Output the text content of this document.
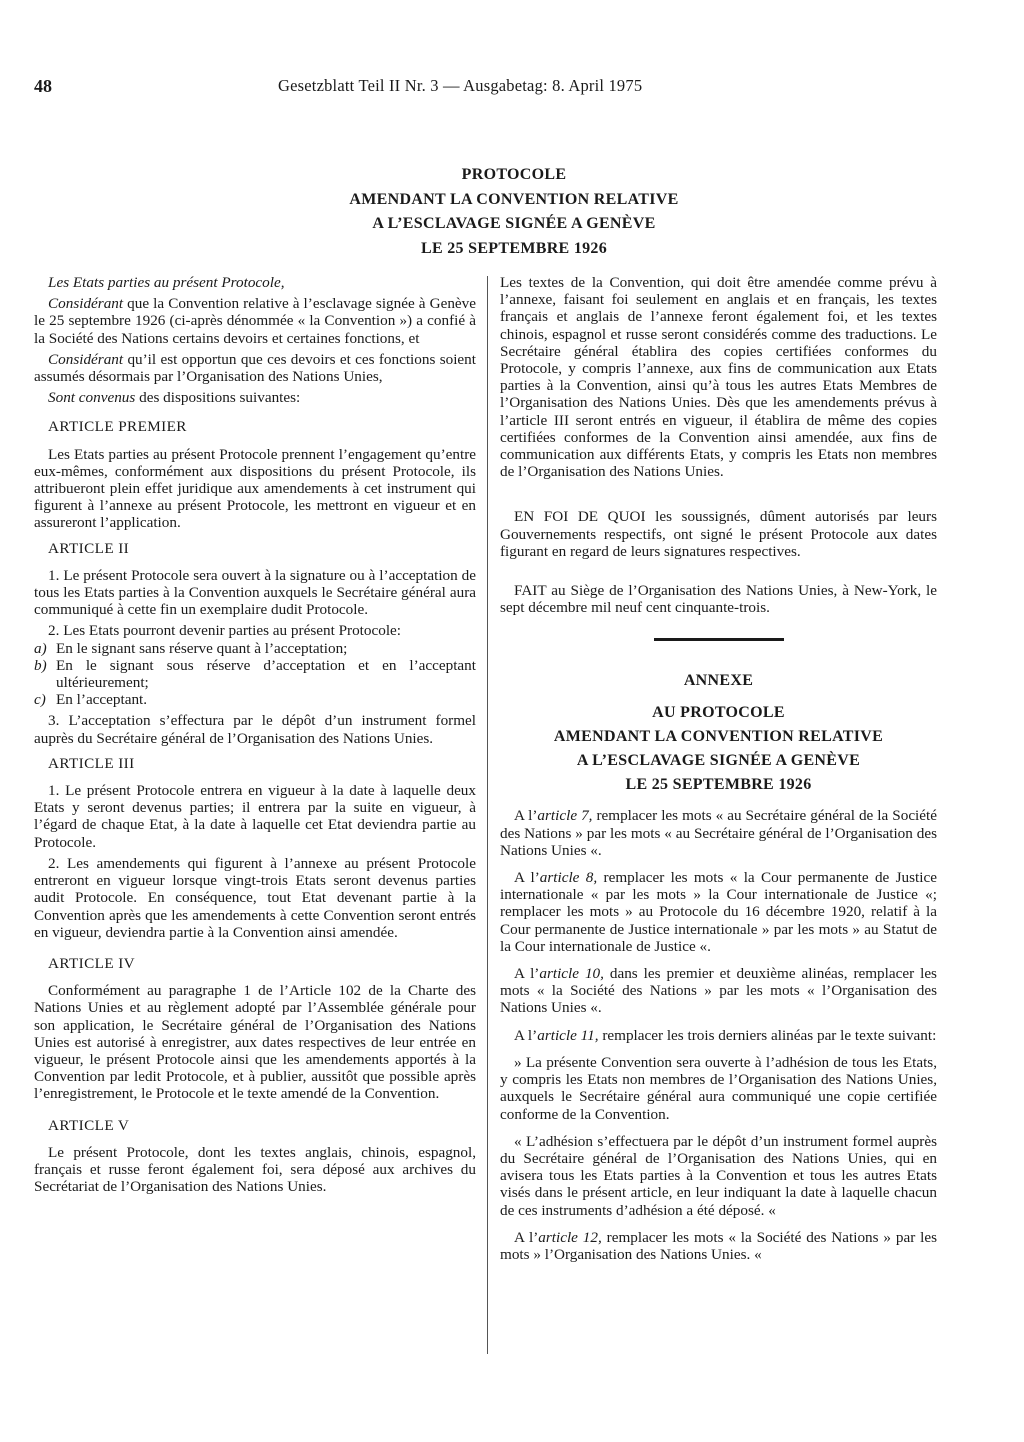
48	Gesetzblatt Teil II Nr. 3 — Ausgabetag: 8. April 1975
PROTOCOLE
AMENDANT LA CONVENTION RELATIVE
A L’ESCLAVAGE SIGNÉE A GENÈVE
LE 25 SEPTEMBRE 1926

Les Etats parties au présent Protocole,

Considérant que la Convention relative à l’esclavage signée à Genève le 25 septembre 1926 (ci-après dénommée « la Convention ») a confié à la Société des Nations certains devoirs et certaines fonctions, et

Considérant qu’il est opportun que ces devoirs et ces fonctions soient assumés désormais par l’Organisation des Nations Unies,

Sont convenus des dispositions suivantes:

ARTICLE PREMIER

Les Etats parties au présent Protocole prennent l’engagement qu’entre eux-mêmes, conformément aux dispositions du présent Protocole, ils attribueront plein effet juridique aux amendements à cet instrument qui figurent à l’annexe au présent Protocole, les mettront en vigueur et en assureront l’application.

ARTICLE II

1. Le présent Protocole sera ouvert à la signature ou à l’acceptation de tous les Etats parties à la Convention auxquels le Secrétaire général aura communiqué à cette fin un exemplaire dudit Protocole.

2. Les Etats pourront devenir parties au présent Protocole:

a) En le signant sans réserve quant à l’acceptation;
b) En le signant sous réserve d’acceptation et en l’acceptant ultérieurement;
c) En l’acceptant.

3. L’acceptation s’effectura par le dépôt d’un instrument formel auprès du Secrétaire général de l’Organisation des Nations Unies.

ARTICLE III

1. Le présent Protocole entrera en vigueur à la date à laquelle deux Etats y seront devenus parties; il entrera par la suite en vigueur, à l’égard de chaque Etat, à la date à laquelle cet Etat deviendra partie au Protocole.

2. Les amendements qui figurent à l’annexe au présent Protocole entreront en vigueur lorsque vingt-trois Etats seront devenus parties audit Protocole. En conséquence, tout Etat devenant partie à la Convention après que les amendements à cette Convention seront entrés en vigueur, deviendra partie à la Convention ainsi amendée.

ARTICLE IV

Conformément au paragraphe 1 de l’Article 102 de la Charte des Nations Unies et au règlement adopté par l’Assemblée générale pour son application, le Secrétaire général de l’Organisation des Nations Unies est autorisé à enregistrer, aux dates respectives de leur entrée en vigueur, le présent Protocole ainsi que les amendements apportés à la Convention par ledit Protocole, et à publier, aussitôt que possible après l’enregistrement, le Protocole et le texte amendé de la Convention.

ARTICLE V

Le présent Protocole, dont les textes anglais, chinois, espagnol, français et russe feront également foi, sera déposé aux archives du Secrétariat de l’Organisation des Nations Unies.

Les textes de la Convention, qui doit être amendée comme prévu à l’annexe, faisant foi seulement en anglais et en français, les textes français et anglais de l’annexe feront également foi, et les textes chinois, espagnol et russe seront considérés comme des traductions. Le Secrétaire général établira des copies certifiées conformes du Protocole, y compris l’annexe, aux fins de communication aux Etats parties à la Convention, ainsi qu’à tous les autres Etats Membres de l’Organisation des Nations Unies. Dès que les amendements prévus à l’article III seront entrés en vigueur, il établira de même des copies certifiées conformes de la Convention ainsi amendée, aux fins de communication aux différents Etats, y compris les Etats non membres de l’Organisation des Nations Unies.

EN FOI DE QUOI les soussignés, dûment autorisés par leurs Gouvernements respectifs, ont signé le présent Protocole aux dates figurant en regard de leurs signatures respectives.

FAIT au Siège de l’Organisation des Nations Unies, à New-York, le sept décembre mil neuf cent cinquante-trois.

ANNEXE
AU PROTOCOLE
AMENDANT LA CONVENTION RELATIVE
A L’ESCLAVAGE SIGNÉE A GENÈVE
LE 25 SEPTEMBRE 1926

A l’article 7, remplacer les mots « au Secrétaire général de la Société des Nations » par les mots « au Secrétaire général de l’Organisation des Nations Unies «.

A l’article 8, remplacer les mots « la Cour permanente de Justice internationale « par les mots » la Cour internationale de Justice «; remplacer les mots » au Protocole du 16 décembre 1920, relatif à la Cour permanente de Justice internationale » par les mots » au Statut de la Cour internationale de Justice «.

A l’article 10, dans les premier et deuxième alinéas, remplacer les mots « la Société des Nations » par les mots « l’Organisation des Nations Unies «.

A l’article 11, remplacer les trois derniers alinéas par le texte suivant:

» La présente Convention sera ouverte à l’adhésion de tous les Etats, y compris les Etats non membres de l’Organisation des Nations Unies, auxquels le Secrétaire général aura communiqué une copie certifiée conforme de la Convention.

« L’adhésion s’effectuera par le dépôt d’un instrument formel auprès du Secrétaire général de l’Organisation des Nations Unies, qui en avisera tous les Etats parties à la Convention et tous les autres Etats visés dans le présent article, en leur indiquant la date à laquelle chacun de ces instruments d’adhésion a été déposé. «

A l’article 12, remplacer les mots « la Société des Nations » par les mots » l’Organisation des Nations Unies. «
